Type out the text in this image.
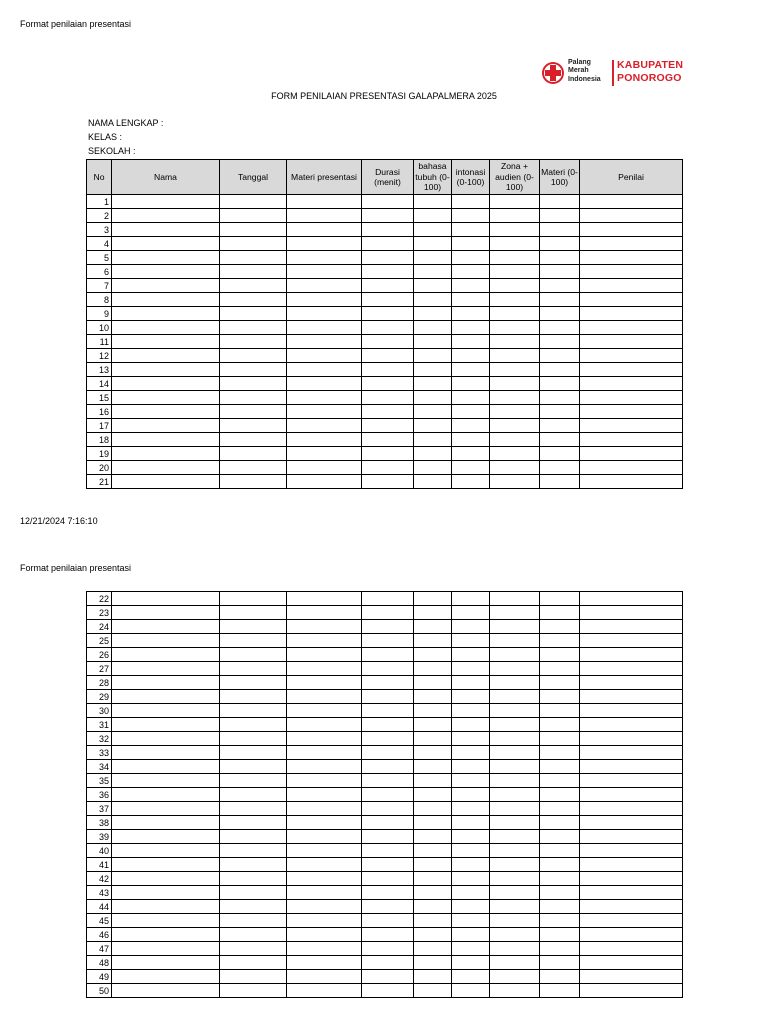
Format penilaian presentasi
Palang
Merah
Indonesia
KABUPATEN
PONOROGO
FORM PENILAIAN PRESENTASI GALAPALMERA 2025
NAMA LENGKAP :
KELAS :
SEKOLAH :
No	Nama	Tanggal	Materi presentasi	Durasi (menit)	bahasa tubuh (0-100)	intonasi (0-100)	Zona + audien (0-100)	Materi (0-100)	Penilai
1									
2									
3									
4									
5									
6									
7									
8									
9									
10									
11									
12									
13									
14									
15									
16									
17									
18									
19									
20									
21									
12/21/2024 7:16:10
Format penilaian presentasi
22									
23									
24									
25									
26									
27									
28									
29									
30									
31									
32									
33									
34									
35									
36									
37									
38									
39									
40									
41									
42									
43									
44									
45									
46									
47									
48									
49									
50									
